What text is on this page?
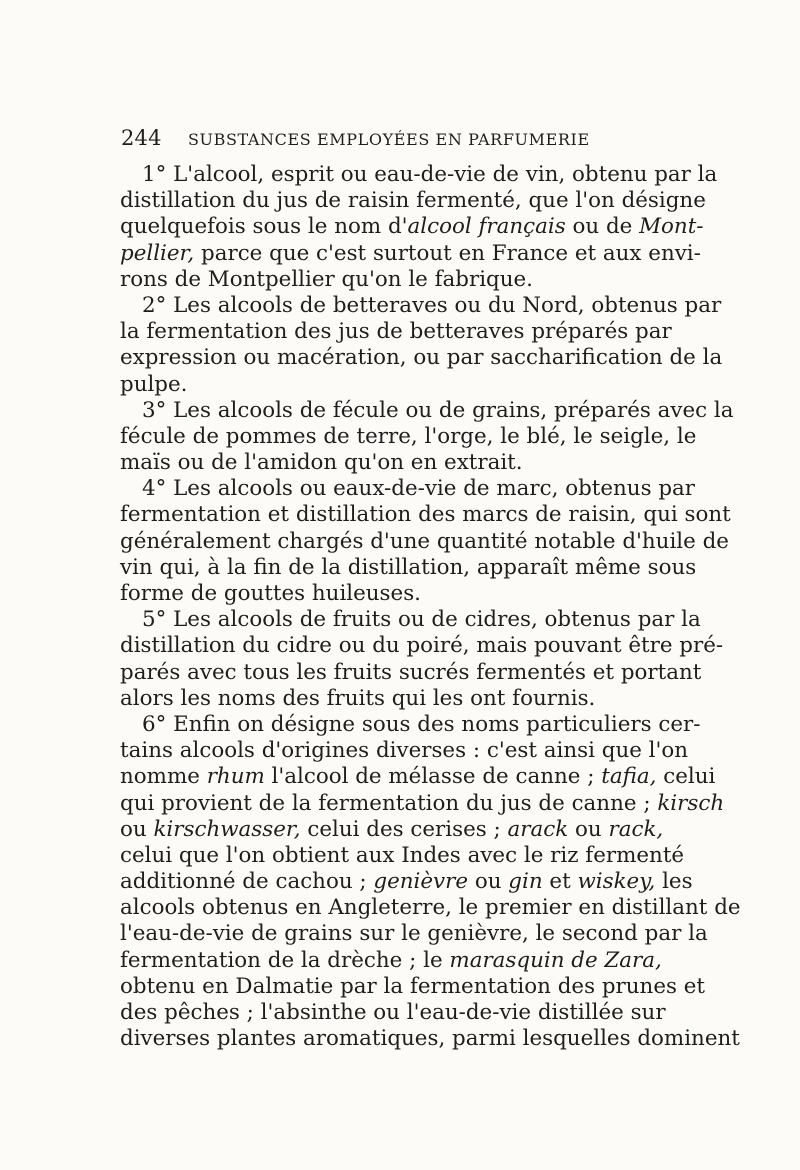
244 SUBSTANCES EMPLOYÉES EN PARFUMERIE
1° L'alcool, esprit ou eau-de-vie de vin, obtenu par la
distillation du jus de raisin fermenté, que l'on désigne
quelquefois sous le nom d'alcool français ou de Mont-
pellier, parce que c'est surtout en France et aux envi-
rons de Montpellier qu'on le fabrique.
2° Les alcools de betteraves ou du Nord, obtenus par
la fermentation des jus de betteraves préparés par
expression ou macération, ou par saccharification de la
pulpe.
3° Les alcools de fécule ou de grains, préparés avec la
fécule de pommes de terre, l'orge, le blé, le seigle, le
maïs ou de l'amidon qu'on en extrait.
4° Les alcools ou eaux-de-vie de marc, obtenus par
fermentation et distillation des marcs de raisin, qui sont
généralement chargés d'une quantité notable d'huile de
vin qui, à la fin de la distillation, apparaît même sous
forme de gouttes huileuses.
5° Les alcools de fruits ou de cidres, obtenus par la
distillation du cidre ou du poiré, mais pouvant être pré-
parés avec tous les fruits sucrés fermentés et portant
alors les noms des fruits qui les ont fournis.
6° Enfin on désigne sous des noms particuliers cer-
tains alcools d'origines diverses : c'est ainsi que l'on
nomme rhum l'alcool de mélasse de canne ; tafia, celui
qui provient de la fermentation du jus de canne ; kirsch
ou kirschwasser, celui des cerises ; arack ou rack,
celui que l'on obtient aux Indes avec le riz fermenté
additionné de cachou ; genièvre ou gin et wiskey, les
alcools obtenus en Angleterre, le premier en distillant de
l'eau-de-vie de grains sur le genièvre, le second par la
fermentation de la drèche ; le marasquin de Zara,
obtenu en Dalmatie par la fermentation des prunes et
des pêches ; l'absinthe ou l'eau-de-vie distillée sur
diverses plantes aromatiques, parmi lesquelles dominent
